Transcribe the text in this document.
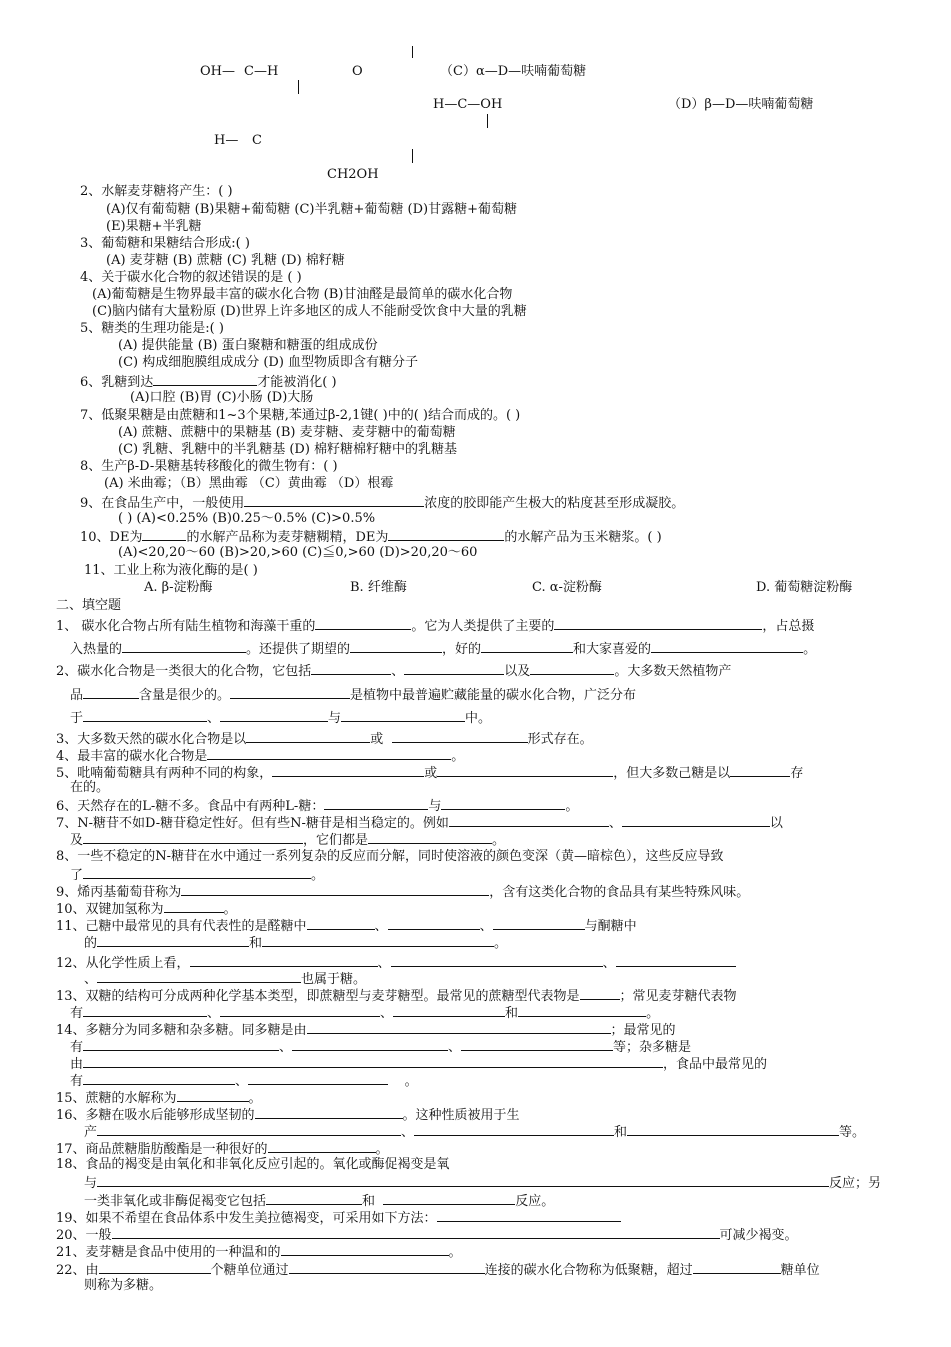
OH— C—H	O	（C）α—D—呋喃葡萄糖
H—C—OH	（D）β—D—呋喃葡萄糖
H— C
CH2OH
2、水解麦芽糖将产生：( )
(A)仅有葡萄糖 (B)果糖+葡萄糖 (C)半乳糖+葡萄糖 (D)甘露糖+葡萄糖
(E)果糖+半乳糖
3、葡萄糖和果糖结合形成:( )
(A) 麦芽糖 (B) 蔗糖 (C) 乳糖 (D) 棉籽糖
4、关于碳水化合物的叙述错误的是 ( )
(A)葡萄糖是生物界最丰富的碳水化合物 (B)甘油醛是最简单的碳水化合物
(C)脑内储有大量粉原 (D)世界上许多地区的成人不能耐受饮食中大量的乳糖
5、糖类的生理功能是:( )
(A) 提供能量 (B) 蛋白聚糖和糖蛋的组成成份
(C) 构成细胞膜组成成分 (D) 血型物质即含有糖分子
6、乳糖到达	才能被消化( )
(A)口腔 (B)胃 (C)小肠 (D)大肠
7、低聚果糖是由蔗糖和1~3个果糖,苯通过β-2,1键( )中的( )结合而成的。( )
(A) 蔗糖、蔗糖中的果糖基 (B) 麦芽糖、麦芽糖中的葡萄糖
(C) 乳糖、乳糖中的半乳糖基 (D) 棉籽糖棉籽糖中的乳糖基
8、生产β-D-果糖基转移酸化的微生物有：( )
(A) 米曲霉；（B）黑曲霉 （C）黄曲霉 （D）根霉
9、在食品生产中，一般使用	浓度的胶即能产生极大的粘度甚至形成凝胶。
( ) (A)<0.25% (B)0.25～0.5% (C)>0.5%
10、DE为	的水解产品称为麦芽糖糊精，DE为	的水解产品为玉米糖浆。( )
(A)<20,20～60 (B)>20,>60 (C)≦0,>60 (D)>20,20～60
11、工业上称为液化酶的是( )
A. β-淀粉酶	B. 纤维酶	C. α-淀粉酶	D. 葡萄糖淀粉酶
二、填空题
1、 碳水化合物占所有陆生植物和海藻干重的	。它为人类提供了主要的	，占总摄
入热量的	。还提供了期望的	，好的	和大家喜爱的	。
2、碳水化合物是一类很大的化合物，它包括	、	以及	。大多数天然植物产
品	含量是很少的。	是植物中最普遍贮藏能量的碳水化合物，广泛分布
于	、	与	中。
3、大多数天然的碳水化合物是以	或	形式存在。
4、最丰富的碳水化合物是	。
5、吡喃葡萄糖具有两种不同的构象，	或	，但大多数己糖是以	存
在的。
6、天然存在的L-糖不多。食品中有两种L-糖：	与	。
7、N-糖苷不如D-糖苷稳定性好。但有些N-糖苷是相当稳定的。例如	、	以
及	，它们都是	。
8、一些不稳定的N-糖苷在水中通过一系列复杂的反应而分解，同时使溶液的颜色变深（黄—暗棕色），这些反应导致
了	。
9、烯丙基葡萄苷称为	，含有这类化合物的食品具有某些特殊风味。
10、双键加氢称为	。
11、己糖中最常见的具有代表性的是醛糖中	、	、	与酮糖中
的	和	。
12、从化学性质上看，	、	、
、	也属于糖。
13、双糖的结构可分成两种化学基本类型，即蔗糖型与麦芽糖型。最常见的蔗糖型代表物是	；常见麦芽糖代表物
有	、	、	和	。
14、多糖分为同多糖和杂多糖。同多糖是由	；最常见的
有	、	、	等；杂多糖是
由	，食品中最常见的
有	、	。
15、蔗糖的水解称为	。
16、多糖在吸水后能够形成坚韧的	。这种性质被用于生
产	、	和	等。
17、商品蔗糖脂肪酸酯是一种很好的	。
18、食品的褐变是由氧化和非氧化反应引起的。氧化或酶促褐变是氧
与	反应；另
一类非氧化或非酶促褐变它包括	和	反应。
19、如果不希望在食品体系中发生美拉德褐变，可采用如下方法：
20、一般	可减少褐变。
21、麦芽糖是食品中使用的一种温和的	。
22、由	个糖单位通过	连接的碳水化合物称为低聚糖，超过	糖单位
则称为多糖。
